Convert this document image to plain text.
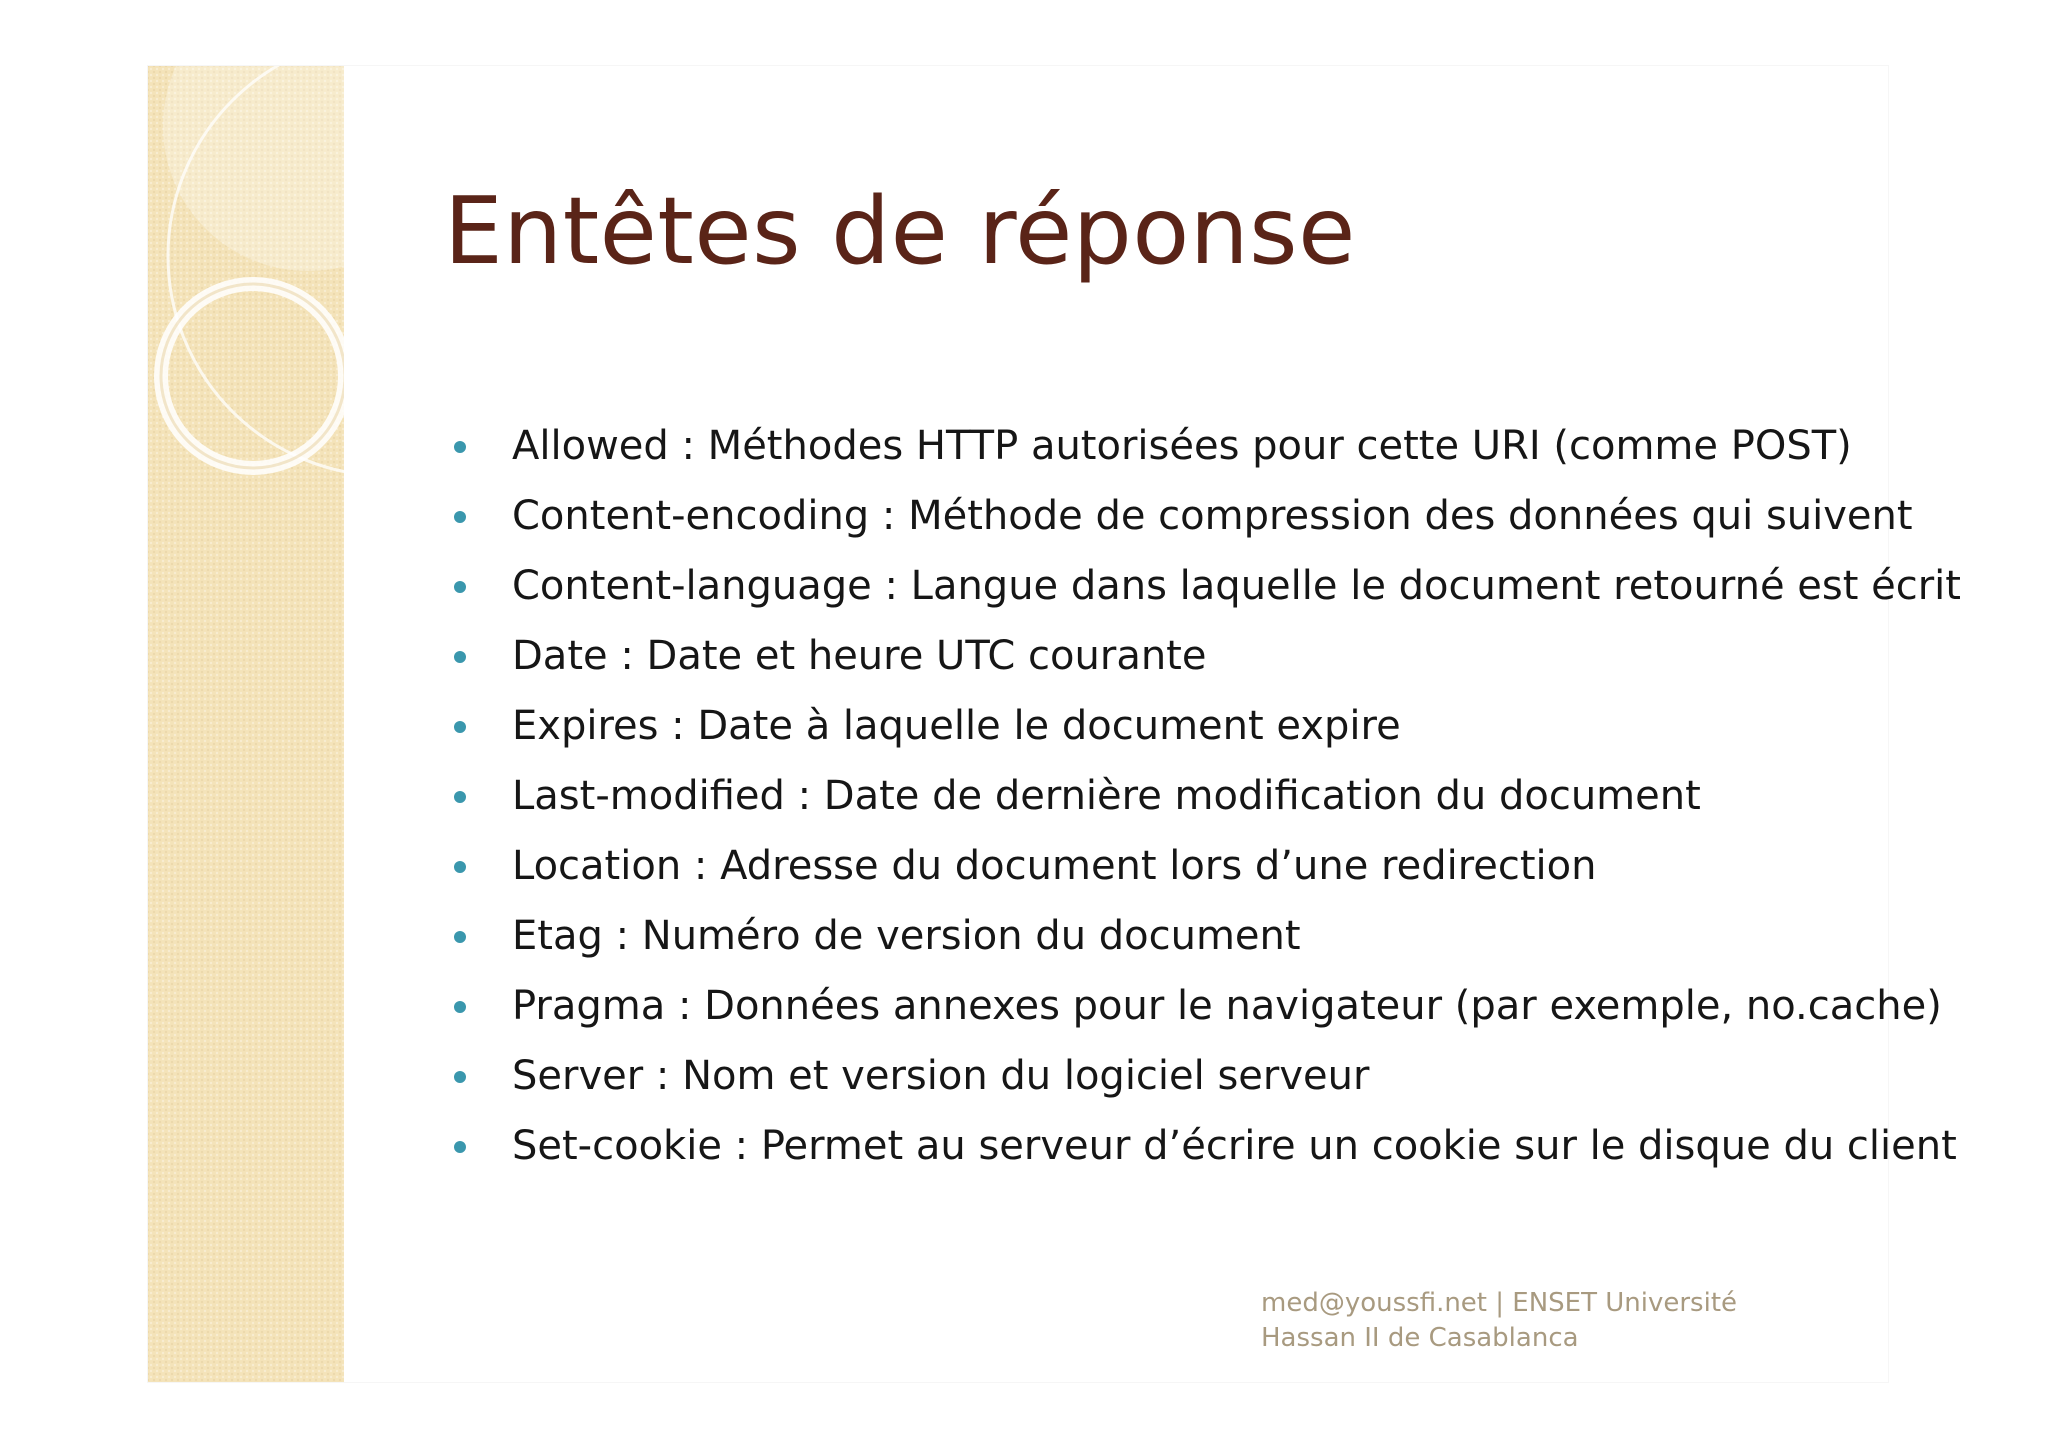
Entêtes de réponse
Allowed : Méthodes HTTP autorisées pour cette URI (comme POST)
Content-encoding : Méthode de compression des données qui suivent
Content-language : Langue dans laquelle le document retourné est écrit
Date : Date et heure UTC courante
Expires : Date à laquelle le document expire
Last-modified : Date de dernière modification du document
Location : Adresse du document lors d’une redirection
Etag : Numéro de version du document
Pragma : Données annexes pour le navigateur (par exemple, no.cache)
Server : Nom et version du logiciel serveur
Set-cookie : Permet au serveur d’écrire un cookie sur le disque du client
med@youssfi.net | ENSET Université
Hassan II de Casablanca
